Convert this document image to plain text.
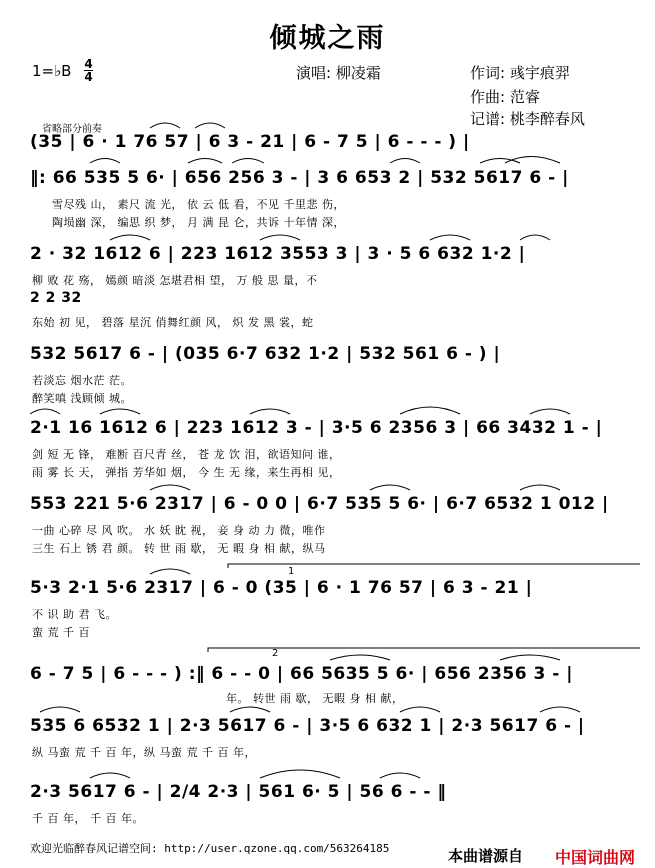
倾城之雨
1=♭B $\frac{4}{4}$	演唱: 柳凌霜	作词: 彧宇痕羿
作曲: 范睿
记谱: 桃李醉春风
省略部分前奏
(35 | 6 · 1 76 57 | 6 3 - 21 | 6 - 7 5 | 6 - - - ) |
‖: 66 535 5 6· | 656 256 3 - | 3 6 653 2 | 532 5617 6 - |
雪尽残 山， 素尺 流 光， 依 云 低 看，不见 千里悲 伤，
陶埙幽 深， 编思 织 梦， 月 满 昆 仑，共诉 十年情 深，
2 · 32 1612 6 | 223 1612 3553 3 | 3 · 5 6 632 1·2 |
柳 败 花 殇， 嫣颜 暗淡 怎堪君相 望， 万 般 思 量，不
2 2 32
东始 初 见， 碧落 星沉 俏舞红颜 风， 炽 发 黑 裳，蛇
532 5617 6 - | (035 6·7 632 1·2 | 532 561 6 - ) |
若淡忘 烟水茫 茫。
醉笑嗔 浅顾倾 城。
2·1 16 1612 6 | 223 1612 3 - | 3·5 6 2356 3 | 66 3432 1 - |
剑 短 无 锋， 难断 百尺青 丝， 苍 龙 饮 泪，欲语知问 谁，
雨 雾 长 天， 弹指 芳华如 烟， 今 生 无 缘，来生再相 见，
553 221 5·6 2317 | 6 - 0 0 | 6·7 535 5 6· | 6·7 6532 1 012 |
一曲 心碎 尽 风 吹。 水 妖 眈 视， 妾 身 动 力 微，唯作
三生 石上 锈 君 颜。 转 世 雨 歇， 无 暇 身 相 献，纵马
5·3 2·1 5·6 2317 | 6 - 0 (35 | 6 · 1 76 57 | 6 3 - 21 |
1
不 识 助 君 飞。
蛮 荒 千 百
6 - 7 5 | 6 - - - ) :‖ 6 - - 0 | 66 5635 5 6· | 656 2356 3 - |
2
年。 转世 雨 歇， 无暇 身 相 献，
535 6 6532 1 | 2·3 5617 6 - | 3·5 6 632 1 | 2·3 5617 6 - |
纵 马蛮 荒 千 百 年，纵 马蛮 荒 千 百 年，
2·3 5617 6 - | 2/4 2·3 | 561 6· 5 | 56 6 - - ‖
千 百 年， 千 百 年。
欢迎光临醉春风记谱空间: http://user.qzone.qq.com/563264185	本曲谱源自 中国词曲网
